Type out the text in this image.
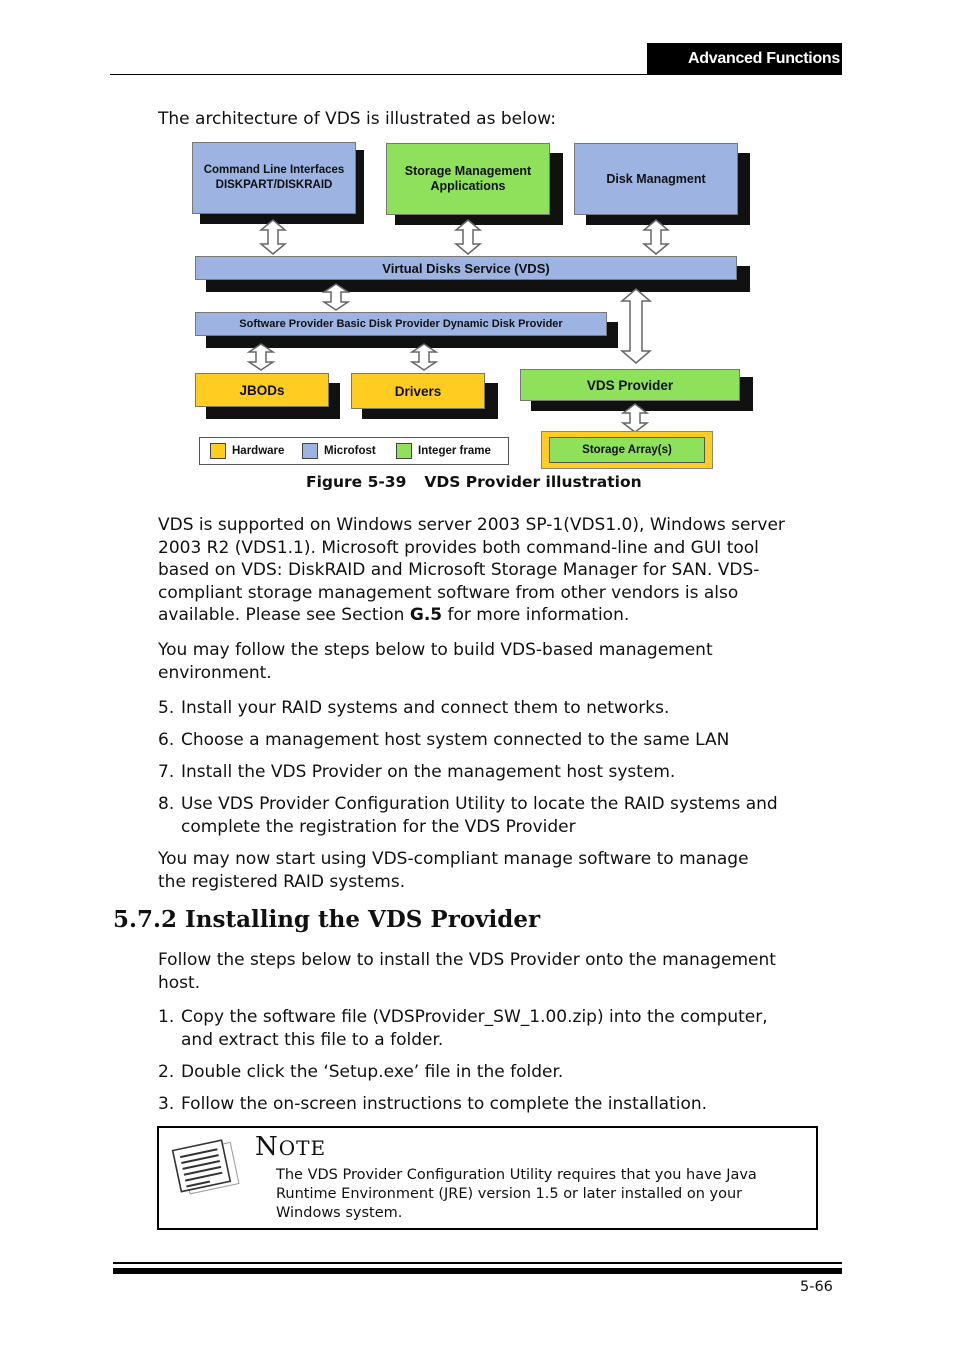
Advanced Functions

The architecture of VDS is illustrated as below:

Command Line Interfaces
DISKPART/DISKRAID
Storage Management
Applications
Disk Managment
Virtual Disks Service (VDS)
Software Provider Basic Disk Provider Dynamic Disk Provider
JBODs	Drivers	VDS Provider
Hardware	Microfost	Integer frame	Storage Array(s)
Figure 5-39 VDS Provider illustration

VDS is supported on Windows server 2003 SP-1(VDS1.0), Windows server
2003 R2 (VDS1.1). Microsoft provides both command-line and GUI tool
based on VDS: DiskRAID and Microsoft Storage Manager for SAN. VDS-
compliant storage management software from other vendors is also
available. Please see Section G.5 for more information.

You may follow the steps below to build VDS-based management
environment.

5. Install your RAID systems and connect them to networks.
6. Choose a management host system connected to the same LAN
7. Install the VDS Provider on the management host system.
8. Use VDS Provider Configuration Utility to locate the RAID systems and
complete the registration for the VDS Provider

You may now start using VDS-compliant manage software to manage
the registered RAID systems.

5.7.2 Installing the VDS Provider

Follow the steps below to install the VDS Provider onto the management
host.

1. Copy the software file (VDSProvider_SW_1.00.zip) into the computer,
and extract this file to a folder.
2. Double click the ‘Setup.exe’ file in the folder.
3. Follow the on-screen instructions to complete the installation.
NOTE
The VDS Provider Configuration Utility requires that you have Java
Runtime Environment (JRE) version 1.5 or later installed on your
Windows system.
5-66
